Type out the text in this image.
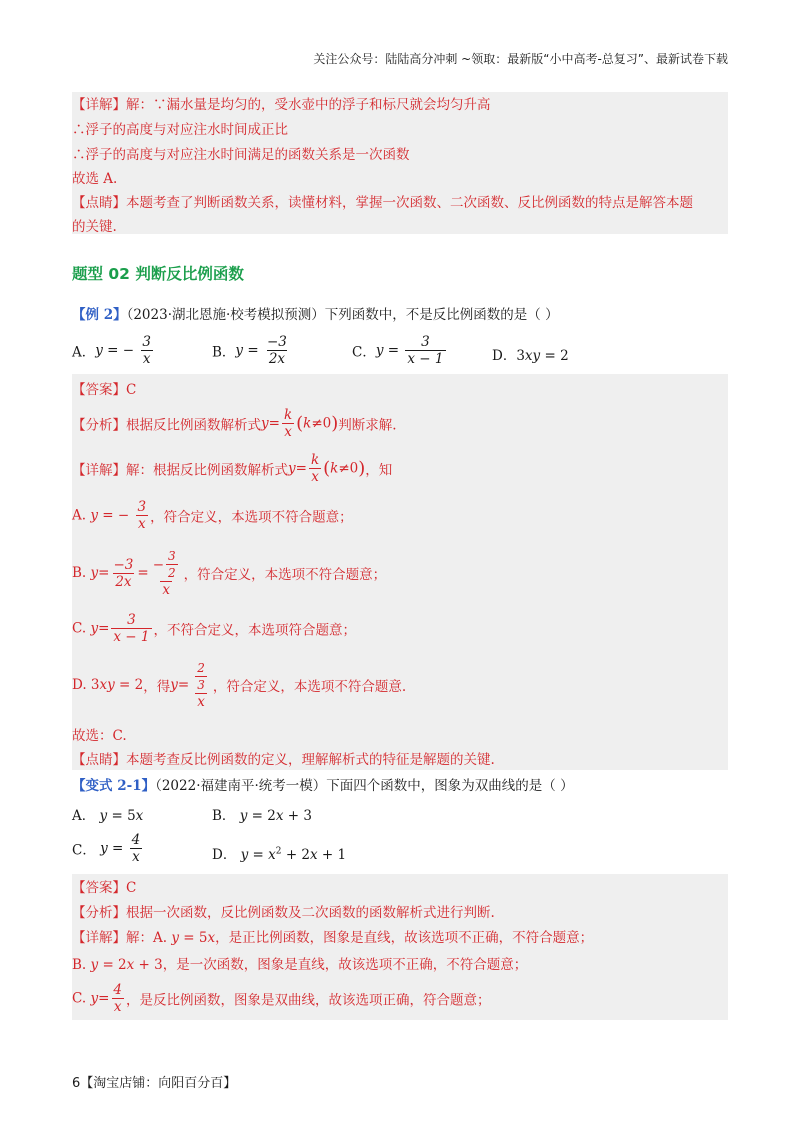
关注公众号：陆陆高分冲刺 ~领取：最新版“小中高考-总复习”、最新试卷下载
【详解】解：∵漏水量是均匀的，受水壶中的浮子和标尺就会均匀升高
∴浮子的高度与对应注水时间成正比
∴浮子的高度与对应注水时间满足的函数关系是一次函数
故选 A.
【点睛】本题考查了判断函数关系，读懂材料，掌握一次函数、二次函数、反比例函数的特点是解答本题
的关键.
题型 02 判断反比例函数
【例 2】（2023·湖北恩施·校考模拟预测）下列函数中，不是反比例函数的是（ ）
A．y = − $\frac{3}{x}$	B．$y = \frac{-3}{2x}$	C．$y = \frac{3}{x - 1}$	D．3xy = 2
【答案】C
【分析】根据反比例函数解析式$y= \frac{k}{x} (k\ne 0)$判断求解.
【详解】解：根据反比例函数解析式$y= \frac{k}{x} (k\ne 0)$，知
A. y = − $\frac{3}{x}$ ，符合定义，本选项不符合题意；
B. $y= \frac{-3}{2x} = \frac{- \frac{3}{2}}{x}$ ，符合定义，本选项不符合题意；
C. $y= \frac{3}{x - 1}$ ，不符合定义，本选项符合题意；
D. 3xy = 2，得$y= \frac{\frac{2}{3}}{x}$ ，符合定义，本选项不符合题意.
故选：C.
【点睛】本题考查反比例函数的定义，理解解析式的特征是解题的关键.
【变式 2-1】（2022·福建南平·统考一模）下面四个函数中，图象为双曲线的是（ ）
A． y = 5x	B． y = 2x + 3
C． $y = \frac{4}{x}$	D． $y = x^2 + 2x + 1$
【答案】C
【分析】根据一次函数，反比例函数及二次函数的函数解析式进行判断.
【详解】解：A. y = 5x，是正比例函数，图象是直线，故该选项不正确，不符合题意；
B. y = 2x + 3，是一次函数，图象是直线，故该选项不正确，不符合题意；
C. $y= \frac{4}{x}$ ，是反比例函数，图象是双曲线，故该选项正确，符合题意；
6【淘宝店铺：向阳百分百】
